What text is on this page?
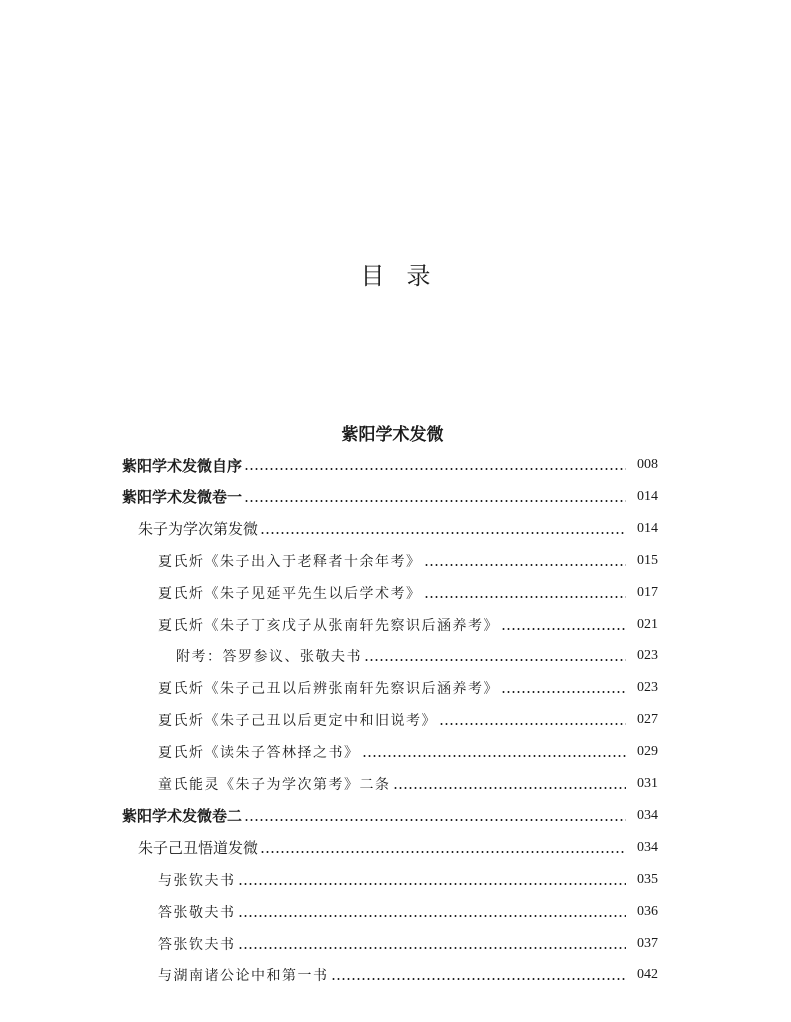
目录
紫阳学术发微
紫阳学术发微自序	008
紫阳学术发微卷一	014
朱子为学次第发微	014
夏氏炘《朱子出入于老释者十余年考》	015
夏氏炘《朱子见延平先生以后学术考》	017
夏氏炘《朱子丁亥戊子从张南轩先察识后涵养考》	021
附考：答罗参议、张敬夫书	023
夏氏炘《朱子己丑以后辨张南轩先察识后涵养考》	023
夏氏炘《朱子己丑以后更定中和旧说考》	027
夏氏炘《读朱子答林择之书》	029
童氏能灵《朱子为学次第考》二条	031
紫阳学术发微卷二	034
朱子己丑悟道发微	034
与张钦夫书	035
答张敬夫书	036
答张钦夫书	037
与湖南诸公论中和第一书	042
